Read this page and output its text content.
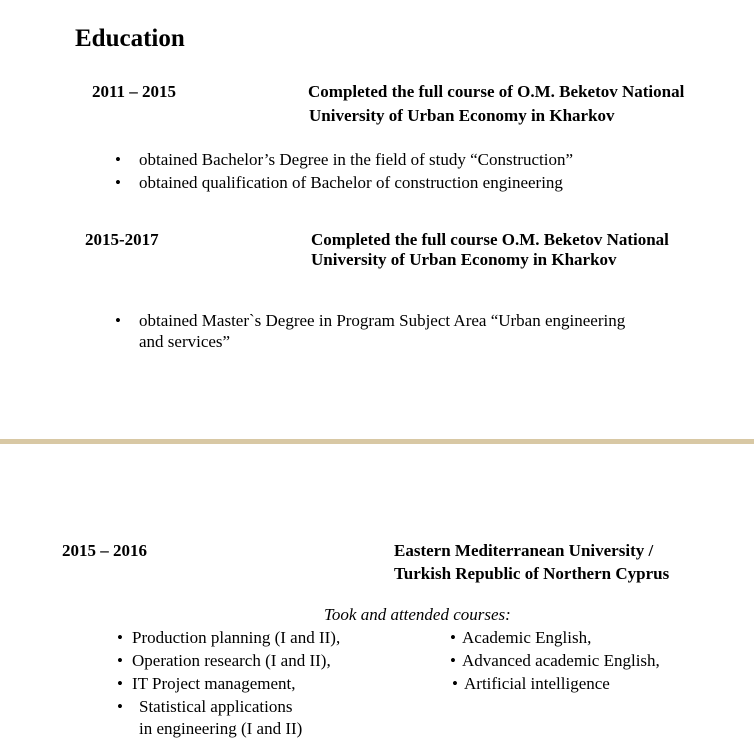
Education
2011 – 2015	Completed the full course of O.M. Beketov National
University of Urban Economy in Kharkov
• obtained Bachelor’s Degree in the field of study “Construction”
• obtained qualification of Bachelor of construction engineering
2015-2017	Completed the full course O.M. Beketov National
University of Urban Economy in Kharkov
• obtained Master`s Degree in Program Subject Area “Urban engineering
and services”
2015 – 2016	Eastern Mediterranean University /
Turkish Republic of Northern Cyprus
Took and attended courses:
• Production planning (I and II),
• Operation research (I and II),
• IT Project management,
• Statistical applications
in engineering (I and II)
• Academic English,
• Advanced academic English,
• Artificial intelligence
